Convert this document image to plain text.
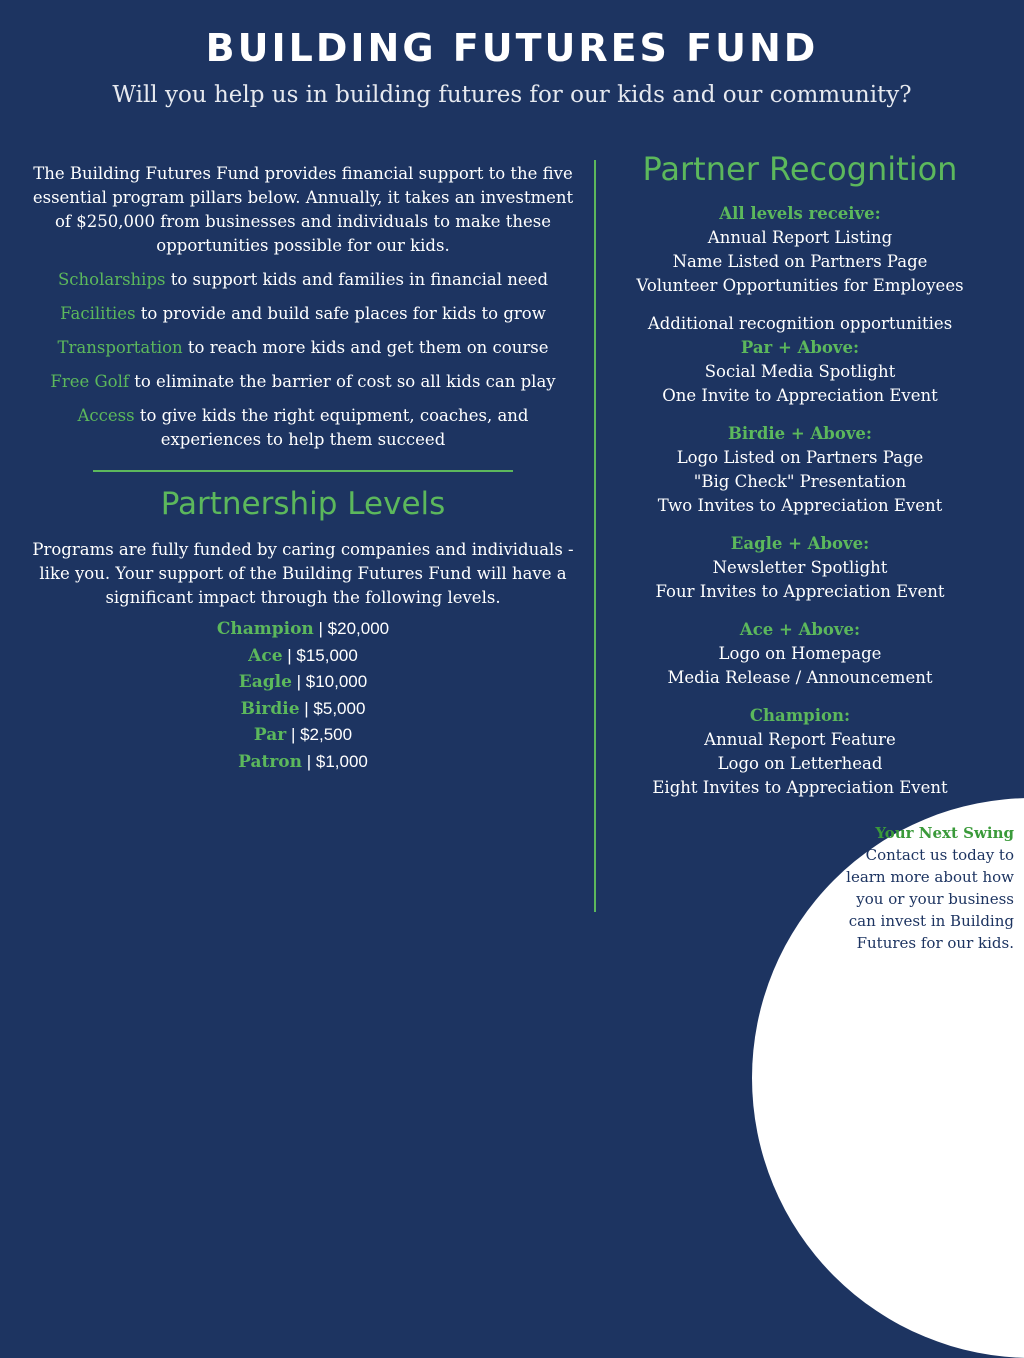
BUILDING FUTURES FUND
Will you help us in building futures for our kids and our community?

The Building Futures Fund provides financial support to the five essential program pillars below. Annually, it takes an investment of $250,000 from businesses and individuals to make these opportunities possible for our kids.

Scholarships to support kids and families in financial need

Facilities to provide and build safe places for kids to grow

Transportation to reach more kids and get them on course

Free Golf to eliminate the barrier of cost so all kids can play

Access to give kids the right equipment, coaches, and experiences to help them succeed

Partnership Levels

Programs are fully funded by caring companies and individuals - like you. Your support of the Building Futures Fund will have a significant impact through the following levels.

Champion | $20,000
Ace | $15,000
Eagle | $10,000
Birdie | $5,000
Par | $2,500
Patron | $1,000
Partner Recognition

All levels receive:

Annual Report Listing

Name Listed on Partners Page

Volunteer Opportunities for Employees

Additional recognition opportunities

Par + Above:

Social Media Spotlight

One Invite to Appreciation Event

Birdie + Above:

Logo Listed on Partners Page

"Big Check" Presentation

Two Invites to Appreciation Event

Eagle + Above:

Newsletter Spotlight

Four Invites to Appreciation Event

Ace + Above:

Logo on Homepage

Media Release / Announcement

Champion:

Annual Report Feature

Logo on Letterhead

Eight Invites to Appreciation Event

Your Next Swing

Contact us today to

learn more about how

you or your business

can invest in Building

Futures for our kids.
